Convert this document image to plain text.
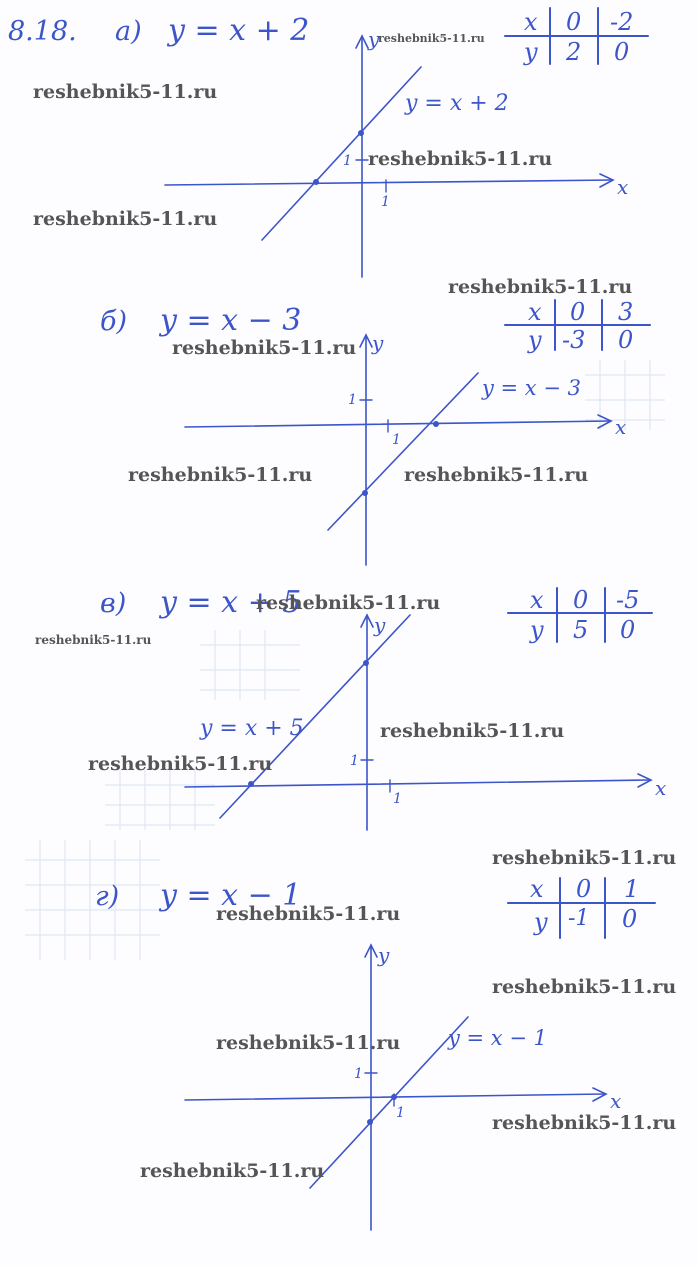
8.18. а) y = x + 2	x 0 -2
y 2 0
x
y
1
1
y = x + 2
б) y = x − 3	x 0 3
y -3 0
x
y
1
1	y = x − 3
в) y = x + 5	x 0 -5
y 5 0
x
y
1
1
y = x + 5
г) y = x − 1	x 0 1
y -1 0
x
y
1
1
y = x − 1
reshebnik5-11.ru
reshebnik5-11.ru
reshebnik5-11.ru
reshebnik5-11.ru
reshebnik5-11.ru
reshebnik5-11.ru
reshebnik5-11.ru	reshebnik5-11.ru
reshebnik5-11.ru
reshebnik5-11.ru
reshebnik5-11.ru
reshebnik5-11.ru
reshebnik5-11.ru
reshebnik5-11.ru
reshebnik5-11.ru
reshebnik5-11.ru
reshebnik5-11.ru
reshebnik5-11.ru
